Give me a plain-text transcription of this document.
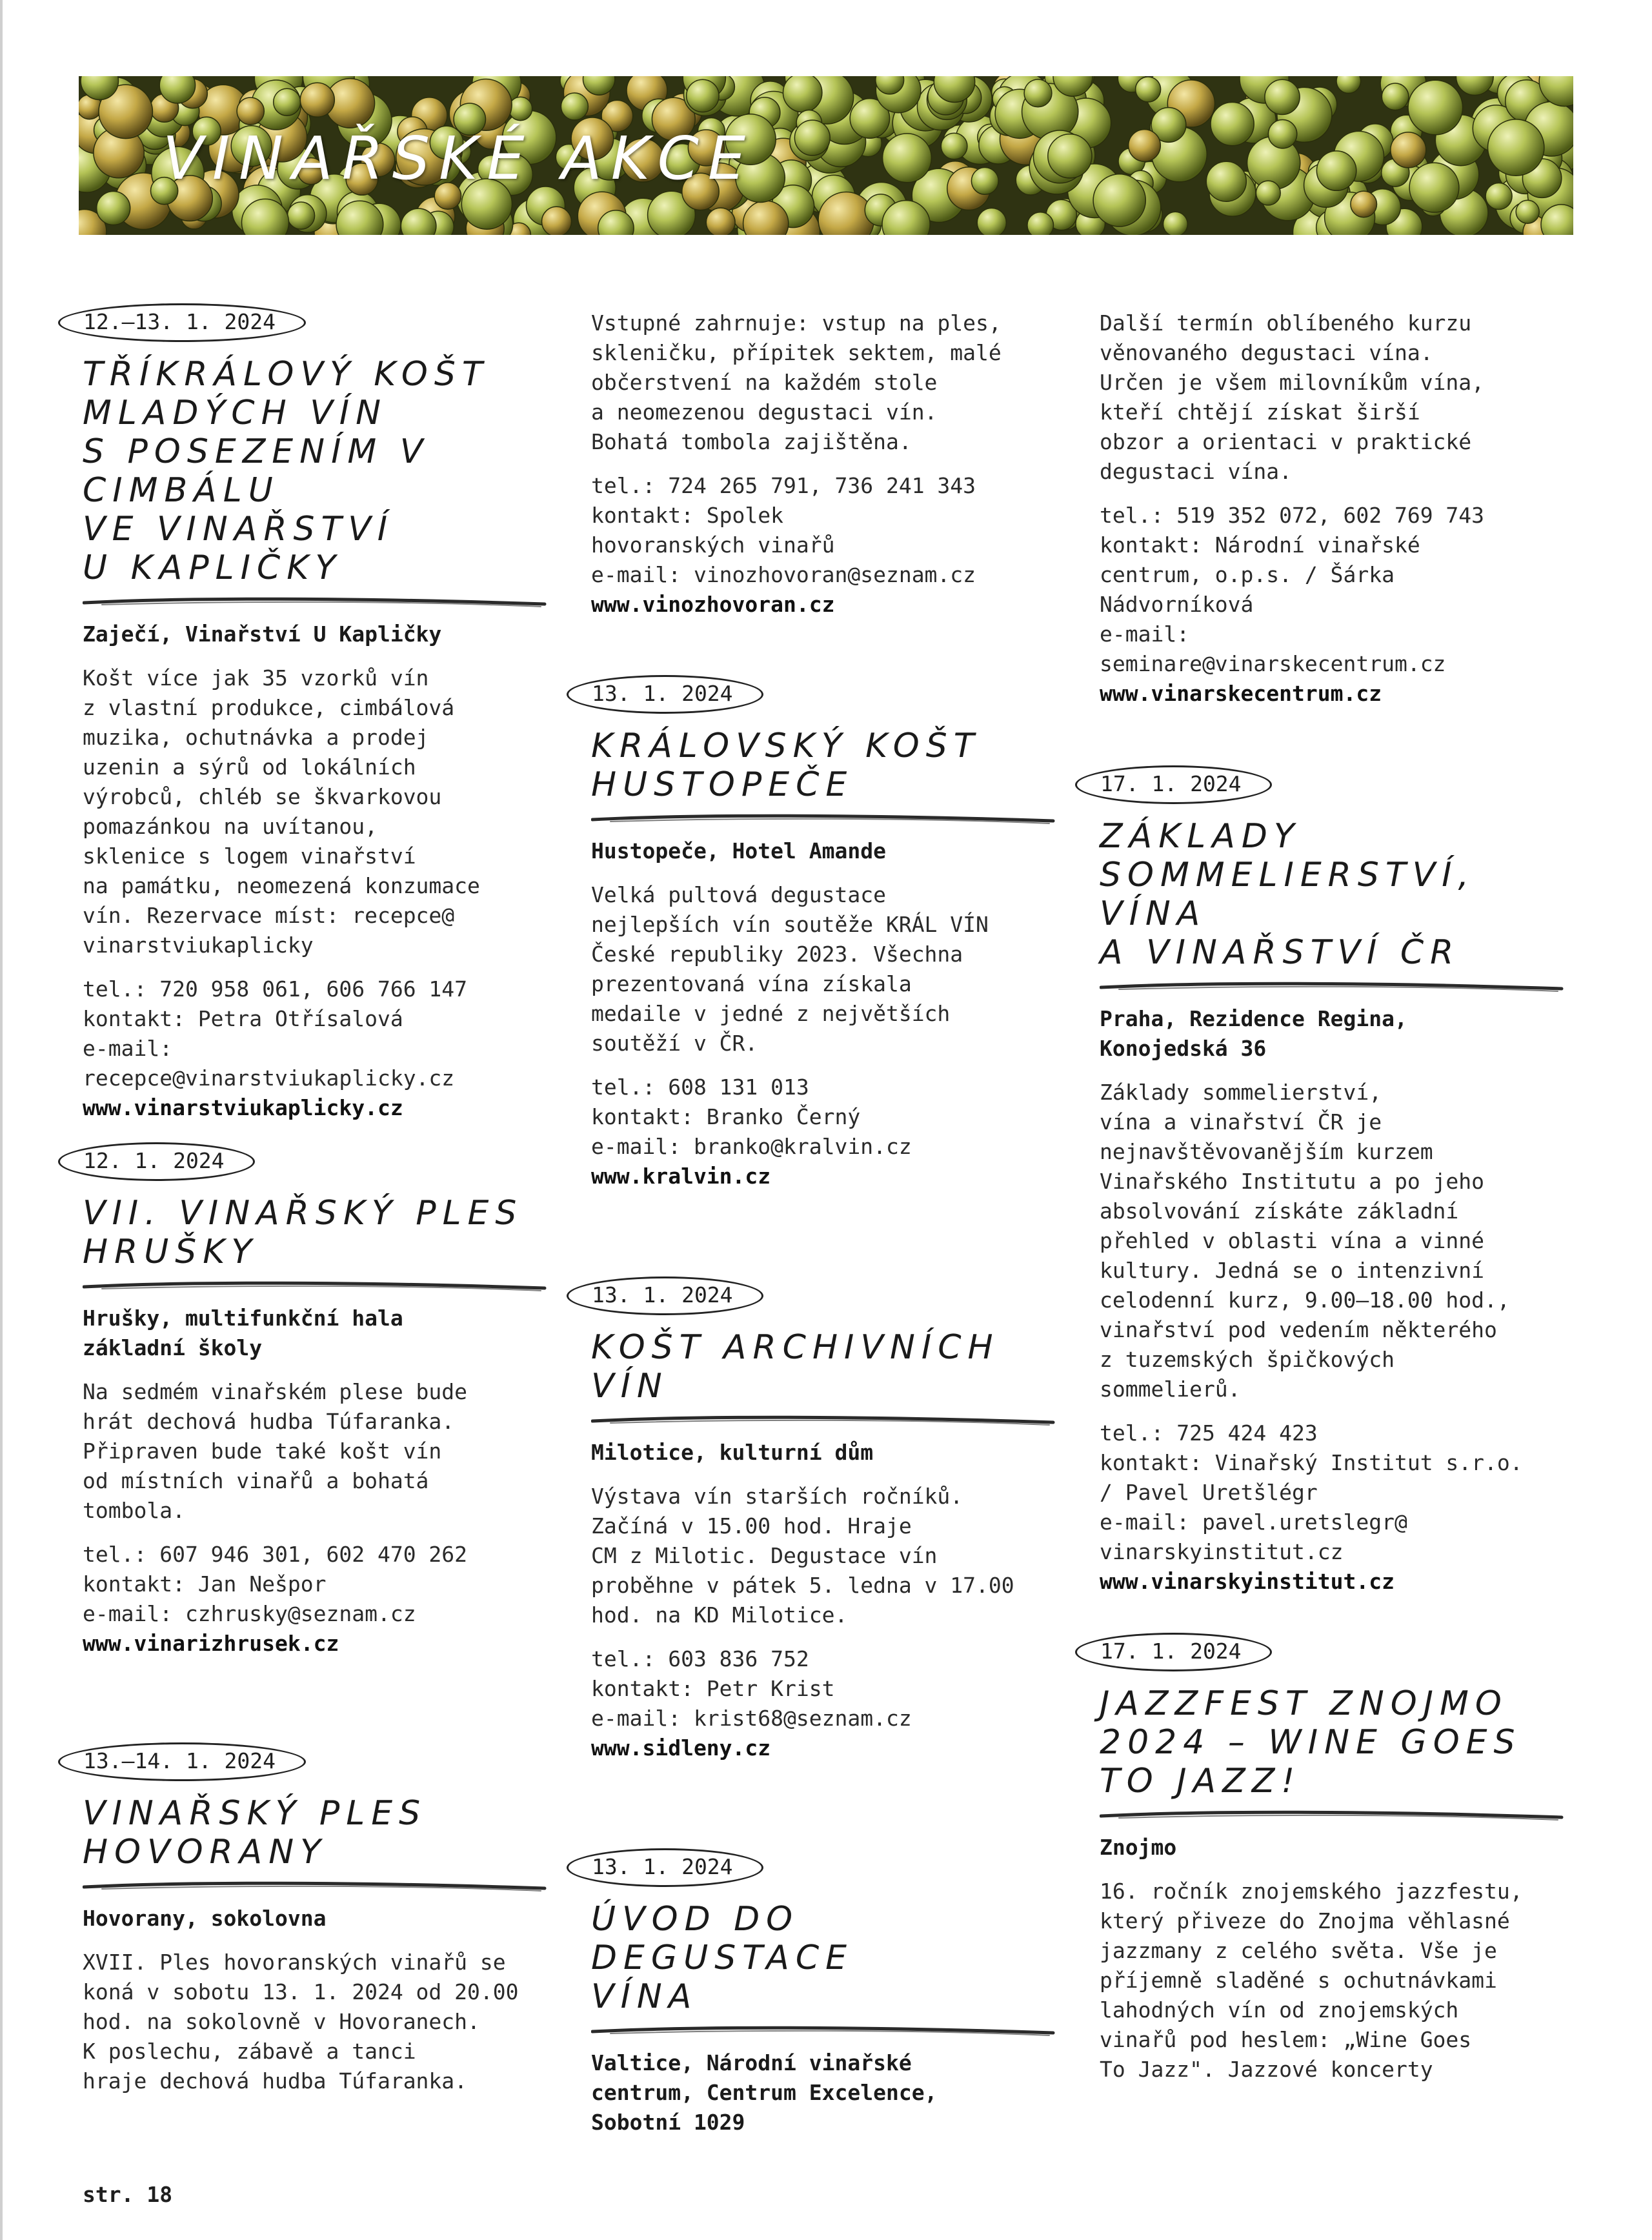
VINAŘSKÉ AKCE
12.–13. 1. 2024
TŘÍKRÁLOVÝ KOŠT
MLADÝCH VÍN
S POSEZENÍM V CIMBÁLU
VE VINAŘSTVÍ
U KAPLIČKY
Zaječí, Vinařství U Kapličky
Košt více jak 35 vzorků vín
z vlastní produkce, cimbálová
muzika, ochutnávka a prodej
uzenin a sýrů od lokálních
výrobců, chléb se škvarkovou
pomazánkou na uvítanou,
sklenice s logem vinařství
na památku, neomezená konzumace
vín. Rezervace míst: recepce@
vinarstviukaplicky
tel.: 720 958 061, 606 766 147
kontakt: Petra Otřísalová
e-mail:
recepce@vinarstviukaplicky.cz
www.vinarstviukaplicky.cz
12. 1. 2024
VII. VINAŘSKÝ PLES
HRUŠKY
Hrušky, multifunkční hala
základní školy
Na sedmém vinařském plese bude
hrát dechová hudba Túfaranka.
Připraven bude také košt vín
od místních vinařů a bohatá
tombola.
tel.: 607 946 301, 602 470 262
kontakt: Jan Nešpor
e-mail: czhrusky@seznam.cz
www.vinarizhrusek.cz
13.–14. 1. 2024
VINAŘSKÝ PLES
HOVORANY
Hovorany, sokolovna
XVII. Ples hovoranských vinařů se
koná v sobotu 13. 1. 2024 od 20.00
hod. na sokolovně v Hovoranech.
K poslechu, zábavě a tanci
hraje dechová hudba Túfaranka.
Vstupné zahrnuje: vstup na ples,
skleničku, přípitek sektem, malé
občerstvení na každém stole
a neomezenou degustaci vín.
Bohatá tombola zajištěna.
tel.: 724 265 791, 736 241 343
kontakt: Spolek
hovoranských vinařů
e-mail: vinozhovoran@seznam.cz
www.vinozhovoran.cz
13. 1. 2024
KRÁLOVSKÝ KOŠT
HUSTOPEČE
Hustopeče, Hotel Amande
Velká pultová degustace
nejlepších vín soutěže KRÁL VÍN
České republiky 2023. Všechna
prezentovaná vína získala
medaile v jedné z největších
soutěží v ČR.
tel.: 608 131 013
kontakt: Branko Černý
e-mail: branko@kralvin.cz
www.kralvin.cz
13. 1. 2024
KOŠT ARCHIVNÍCH
VÍN
Milotice, kulturní dům
Výstava vín starších ročníků.
Začíná v 15.00 hod. Hraje
CM z Milotic. Degustace vín
proběhne v pátek 5. ledna v 17.00
hod. na KD Milotice.
tel.: 603 836 752
kontakt: Petr Krist
e-mail: krist68@seznam.cz
www.sidleny.cz
13. 1. 2024
ÚVOD DO DEGUSTACE
VÍNA
Valtice, Národní vinařské
centrum, Centrum Excelence,
Sobotní 1029
Další termín oblíbeného kurzu
věnovaného degustaci vína.
Určen je všem milovníkům vína,
kteří chtějí získat širší
obzor a orientaci v praktické
degustaci vína.
tel.: 519 352 072, 602 769 743
kontakt: Národní vinařské
centrum, o.p.s. / Šárka
Nádvorníková
e-mail:
seminare@vinarskecentrum.cz
www.vinarskecentrum.cz
17. 1. 2024
ZÁKLADY
SOMMELIERSTVÍ, VÍNA
A VINAŘSTVÍ ČR
Praha, Rezidence Regina,
Konojedská 36
Základy sommelierství,
vína a vinařství ČR je
nejnavštěvovanějším kurzem
Vinařského Institutu a po jeho
absolvování získáte základní
přehled v oblasti vína a vinné
kultury. Jedná se o intenzivní
celodenní kurz, 9.00–18.00 hod.,
vinařství pod vedením některého
z tuzemských špičkových
sommelierů.
tel.: 725 424 423
kontakt: Vinařský Institut s.r.o.
/ Pavel Uretšlégr
e-mail: pavel.uretslegr@
vinarskyinstitut.cz
www.vinarskyinstitut.cz
17. 1. 2024
JAZZFEST ZNOJMO
2024 – WINE GOES
TO JAZZ!
Znojmo
16. ročník znojemského jazzfestu,
který přiveze do Znojma věhlasné
jazzmany z celého světa. Vše je
příjemně sladěné s ochutnávkami
lahodných vín od znojemských
vinařů pod heslem: „Wine Goes
To Jazz". Jazzové koncerty
str. 18
